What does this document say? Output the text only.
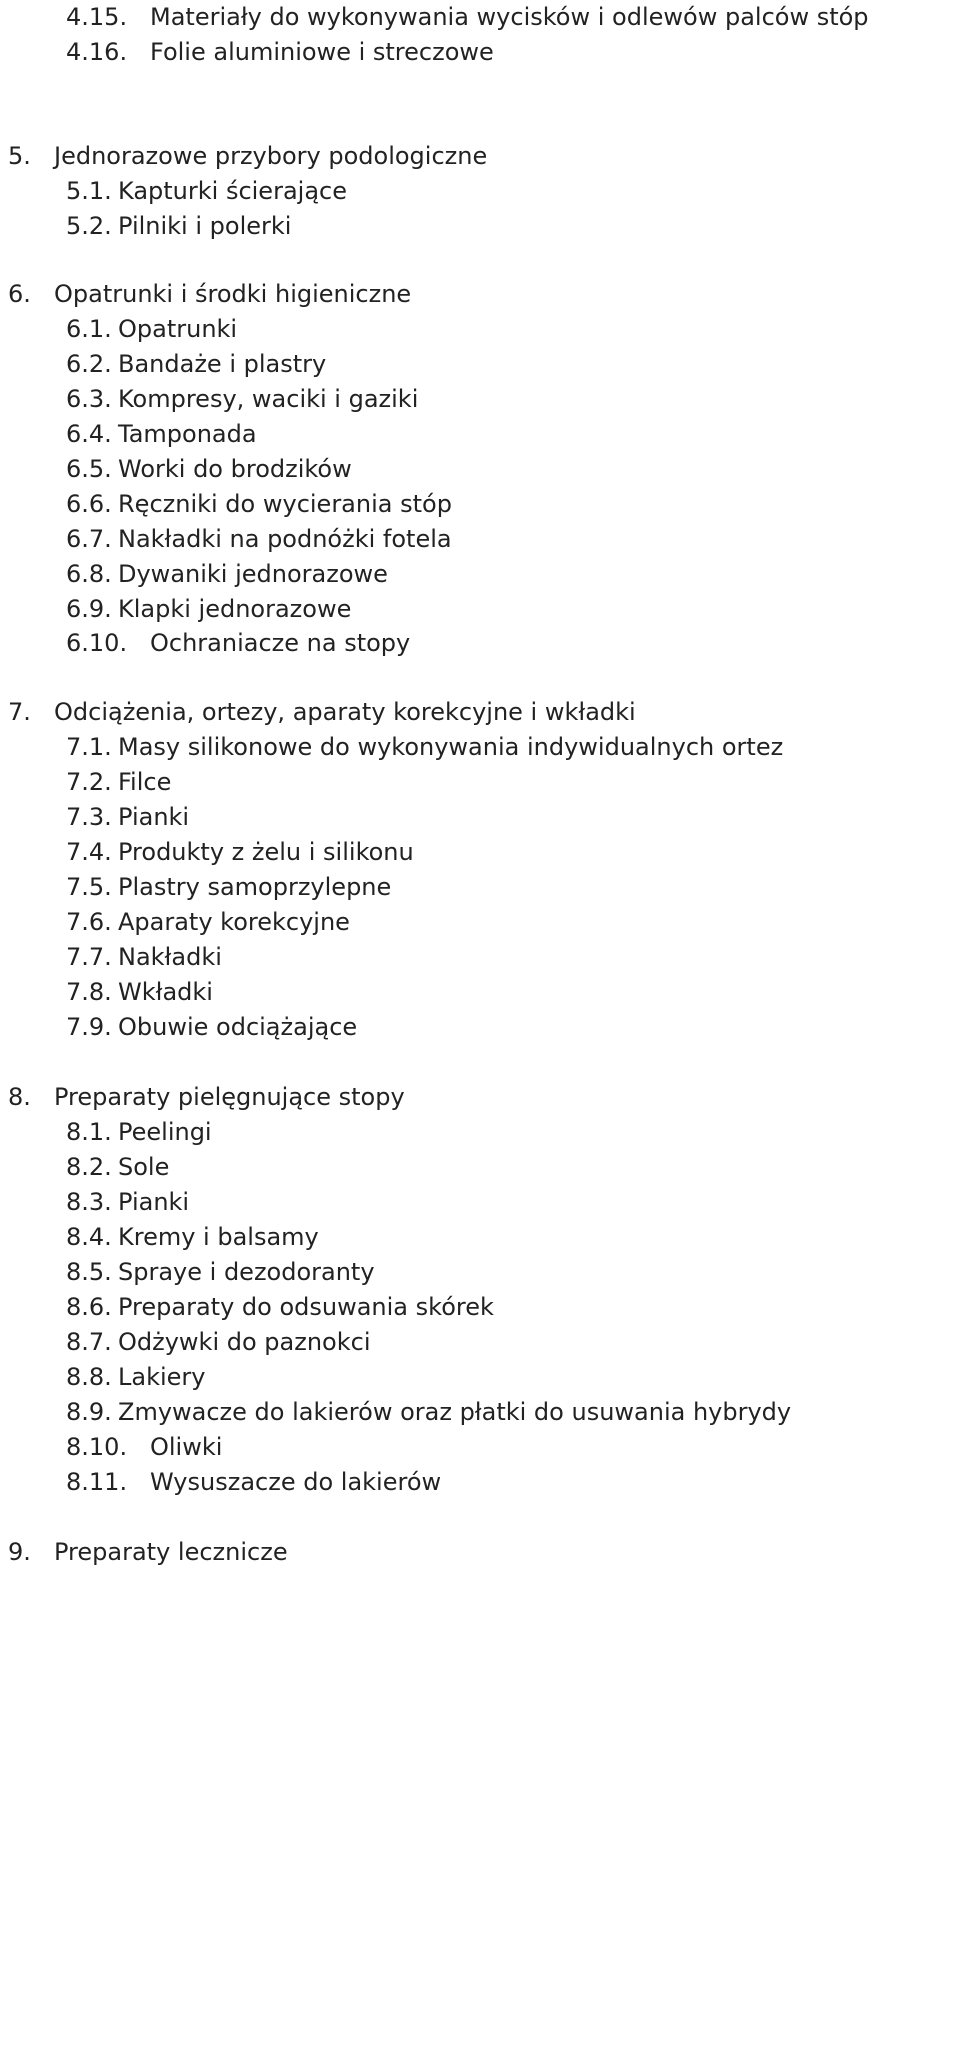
4.15. Materiały do wykonywania wycisków i odlewów palców stóp
4.16. Folie aluminiowe i streczowe
5. Jednorazowe przybory podologiczne
5.1. Kapturki ścierające
5.2. Pilniki i polerki
6. Opatrunki i środki higieniczne
6.1. Opatrunki
6.2. Bandaże i plastry
6.3. Kompresy, waciki i gaziki
6.4. Tamponada
6.5. Worki do brodzików
6.6. Ręczniki do wycierania stóp
6.7. Nakładki na podnóżki fotela
6.8. Dywaniki jednorazowe
6.9. Klapki jednorazowe
6.10. Ochraniacze na stopy
7. Odciążenia, ortezy, aparaty korekcyjne i wkładki
7.1. Masy silikonowe do wykonywania indywidualnych ortez
7.2. Filce
7.3. Pianki
7.4. Produkty z żelu i silikonu
7.5. Plastry samoprzylepne
7.6. Aparaty korekcyjne
7.7. Nakładki
7.8. Wkładki
7.9. Obuwie odciążające
8. Preparaty pielęgnujące stopy
8.1. Peelingi
8.2. Sole
8.3. Pianki
8.4. Kremy i balsamy
8.5. Spraye i dezodoranty
8.6. Preparaty do odsuwania skórek
8.7. Odżywki do paznokci
8.8. Lakiery
8.9. Zmywacze do lakierów oraz płatki do usuwania hybrydy
8.10. Oliwki
8.11. Wysuszacze do lakierów
9. Preparaty lecznicze
